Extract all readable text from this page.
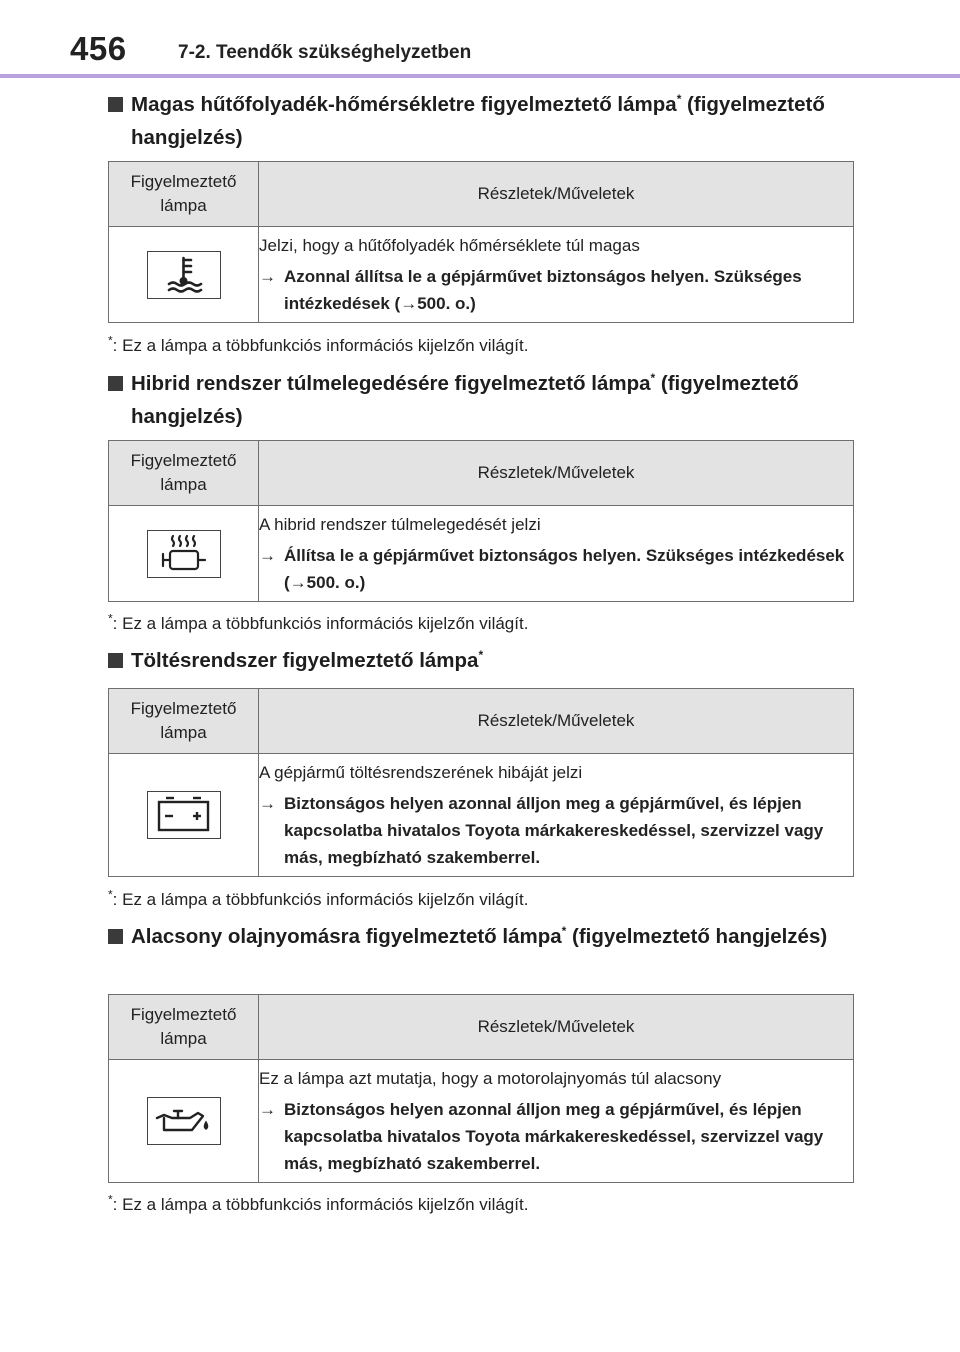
456	7-2. Teendők szükséghelyzetben
Magas hűtőfolyadék-hőmérsékletre figyelmeztető lámpa* (figyelmeztető hangjelzés)
Figyelmeztető lámpa	Részletek/Műveletek

Jelzi, hogy a hűtőfolyadék hőmérséklete túl magas
→ Azonnal állítsa le a gépjárművet biztonságos helyen. Szükséges intézkedések (→500. o.)
*: Ez a lámpa a többfunkciós információs kijelzőn világít.
Hibrid rendszer túlmelegedésére figyelmeztető lámpa* (figyelmeztető hangjelzés)
Figyelmeztető lámpa	Részletek/Műveletek

A hibrid rendszer túlmelegedését jelzi
→ Állítsa le a gépjárművet biztonságos helyen. Szükséges intézkedések (→500. o.)
*: Ez a lámpa a többfunkciós információs kijelzőn világít.
Töltésrendszer figyelmeztető lámpa*
Figyelmeztető lámpa	Részletek/Műveletek

A gépjármű töltésrendszerének hibáját jelzi
→ Biztonságos helyen azonnal álljon meg a gépjárművel, és lépjen kapcsolatba hivatalos Toyota márkakereskedéssel, szervizzel vagy más, megbízható szakemberrel.
*: Ez a lámpa a többfunkciós információs kijelzőn világít.
Alacsony olajnyomásra figyelmeztető lámpa* (figyelmeztető hangjelzés)
Figyelmeztető lámpa	Részletek/Műveletek

Ez a lámpa azt mutatja, hogy a motorolajnyomás túl alacsony
→ Biztonságos helyen azonnal álljon meg a gépjárművel, és lépjen kapcsolatba hivatalos Toyota márkakereskedéssel, szervizzel vagy más, megbízható szakemberrel.
*: Ez a lámpa a többfunkciós információs kijelzőn világít.
